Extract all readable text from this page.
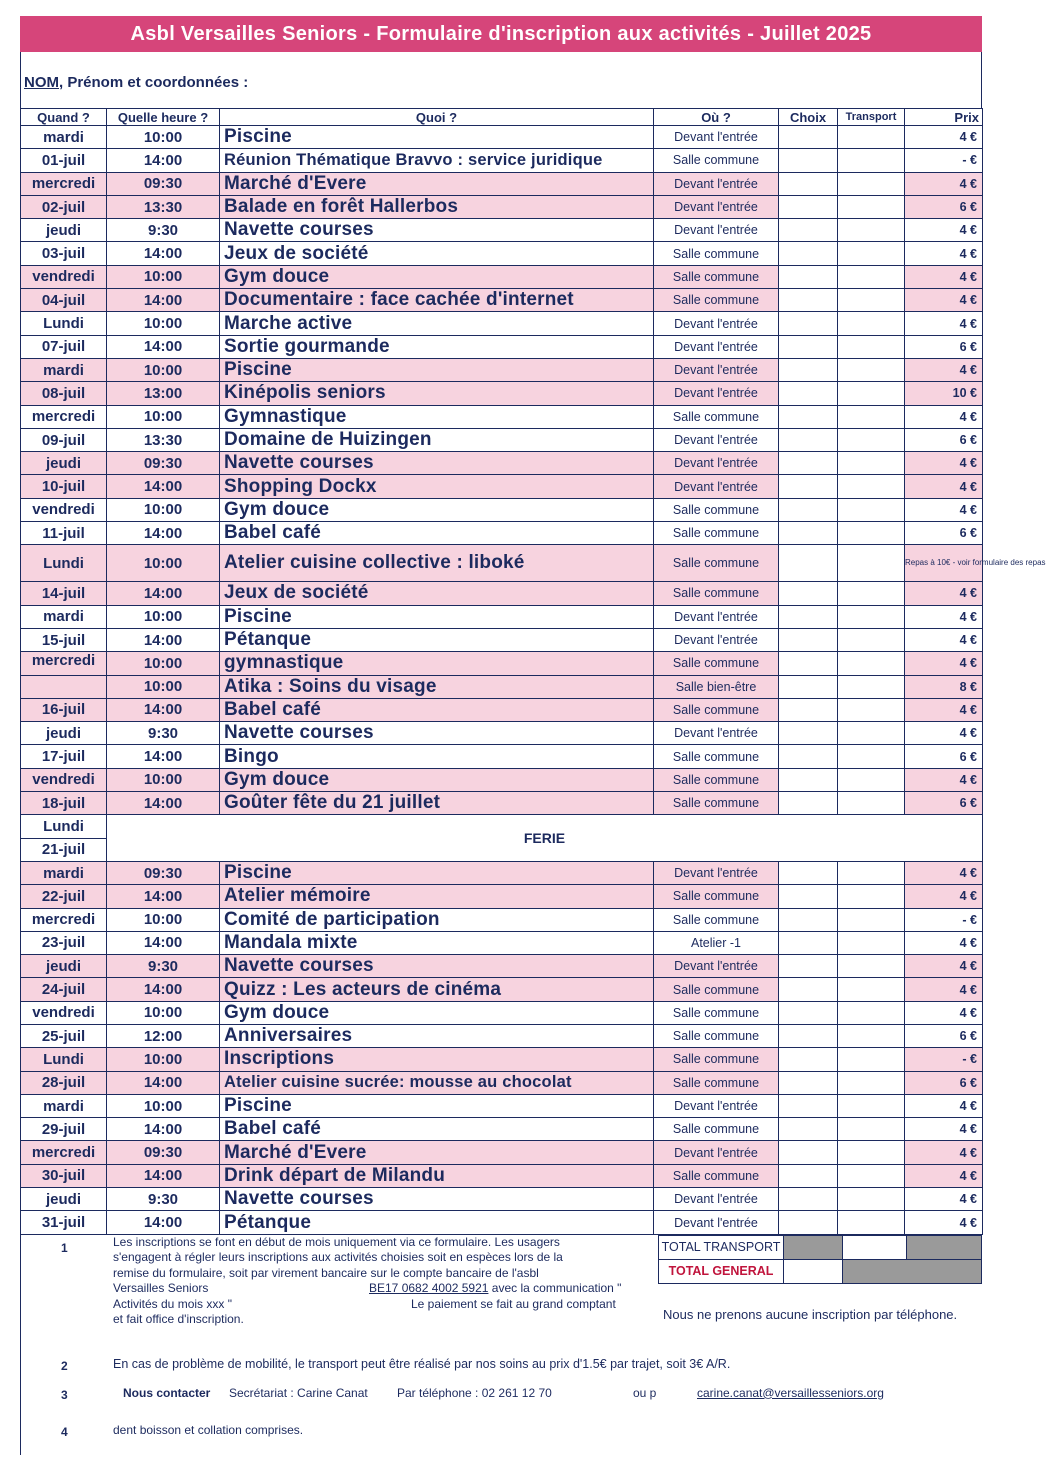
Asbl Versailles Seniors - Formulaire d'inscription aux activités - Juillet 2025
NOM, Prénom et coordonnées :
Quand ?	Quelle heure ?	Quoi ?	Où ?	Choix	Transport	Prix
mardi	10:00	Piscine	Devant l'entrée			4 €
01-juil	14:00	Réunion Thématique Bravvo : service juridique	Salle commune			- €
mercredi	09:30	Marché d'Evere	Devant l'entrée			4 €
02-juil	13:30	Balade en forêt Hallerbos	Devant l'entrée			6 €
jeudi	9:30	Navette courses	Devant l'entrée			4 €
03-juil	14:00	Jeux de société	Salle commune			4 €
vendredi	10:00	Gym douce	Salle commune			4 €
04-juil	14:00	Documentaire : face cachée d'internet	Salle commune			4 €
Lundi	10:00	Marche active	Devant l'entrée			4 €
07-juil	14:00	Sortie gourmande	Devant l'entrée			6 €
mardi	10:00	Piscine	Devant l'entrée			4 €
08-juil	13:00	Kinépolis seniors	Devant l'entrée			10 €
mercredi	10:00	Gymnastique	Salle commune			4 €
09-juil	13:30	Domaine de Huizingen	Devant l'entrée			6 €
jeudi	09:30	Navette courses	Devant l'entrée			4 €
10-juil	14:00	Shopping Dockx	Devant l'entrée			4 €
vendredi	10:00	Gym douce	Salle commune			4 €
11-juil	14:00	Babel café	Salle commune			6 €
Lundi	10:00	Atelier cuisine collective : liboké	Salle commune			Repas à 10€ - voir formulaire des repas
14-juil	14:00	Jeux de société	Salle commune			4 €
mardi	10:00	Piscine	Devant l'entrée			4 €
15-juil	14:00	Pétanque	Devant l'entrée			4 €
mercredi	10:00	gymnastique	Salle commune			4 €
	10:00	Atika : Soins du visage	Salle bien-être			8 €
16-juil	14:00	Babel café	Salle commune			4 €
jeudi	9:30	Navette courses	Devant l'entrée			4 €
17-juil	14:00	Bingo	Salle commune			6 €
vendredi	10:00	Gym douce	Salle commune			4 €
18-juil	14:00	Goûter fête du 21 juillet	Salle commune			6 €
Lundi	FERIE					
21-juil						
mardi	09:30	Piscine	Devant l'entrée			4 €
22-juil	14:00	Atelier mémoire	Salle commune			4 €
mercredi	10:00	Comité de participation	Salle commune			- €
23-juil	14:00	Mandala mixte	Atelier -1			4 €
jeudi	9:30	Navette courses	Devant l'entrée			4 €
24-juil	14:00	Quizz : Les acteurs de cinéma	Salle commune			4 €
vendredi	10:00	Gym douce	Salle commune			4 €
25-juil	12:00	Anniversaires	Salle commune			6 €
Lundi	10:00	Inscriptions	Salle commune			- €
28-juil	14:00	Atelier cuisine sucrée: mousse au chocolat	Salle commune			6 €
mardi	10:00	Piscine	Devant l'entrée			4 €
29-juil	14:00	Babel café	Salle commune			4 €
mercredi	09:30	Marché d'Evere	Devant l'entrée			4 €
30-juil	14:00	Drink départ de Milandu	Salle commune			4 €
jeudi	9:30	Navette courses	Devant l'entrée			4 €
31-juil	14:00	Pétanque	Devant l'entrée			4 €
TOTAL TRANSPORT			
TOTAL GENERAL			
1	Les inscriptions se font en début de mois uniquement via ce formulaire. Les usagers
s'engagent à régler leurs inscriptions aux activités choisies soit en espèces lors de la
remise du formulaire, soit par virement bancaire sur le compte bancaire de l'asbl
Versailles Seniors	BE17 0682 4002 5921 avec la communication "
Activités du mois xxx "	Le paiement se fait au grand comptant
et fait office d'inscription.	Nous ne prenons aucune inscription par téléphone.
2	En cas de problème de mobilité, le transport peut être réalisé par nos soins au prix d'1.5€ par trajet, soit 3€ A/R.
3	Nous contacter Secrétariat : Carine Canat Par téléphone : 02 261 12 70	ou p	carine.canat@versaillesseniors.org
4	dent boisson et collation comprises.
